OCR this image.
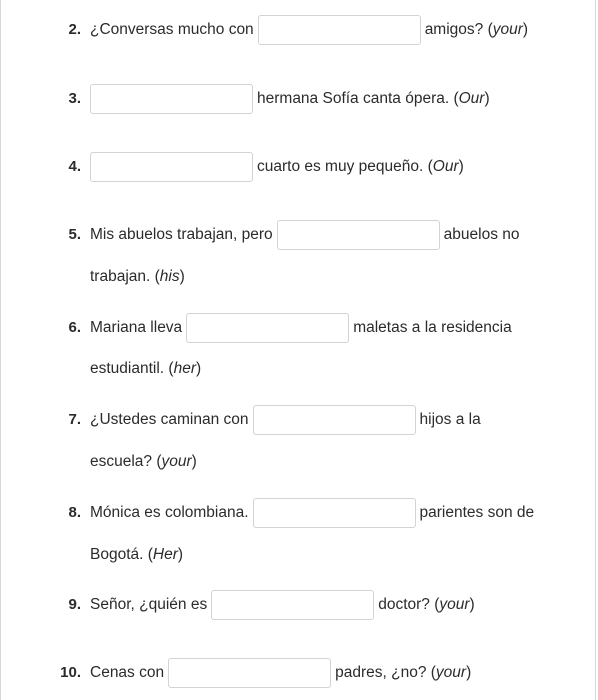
2. ¿Conversas mucho con	amigos? ( your )
3.	hermana Sofía canta ópera. ( Our )
4.	cuarto es muy pequeño. ( Our )
5. Mis abuelos trabajan, pero	abuelos no
trabajan. (his)
6. Mariana lleva	maletas a la residencia
estudiantil. (her)
7. ¿Ustedes caminan con	hijos a la
escuela? (your)
8. Mónica es colombiana.	parientes son de
Bogotá. (Her)
9. Señor, ¿quién es	doctor? ( your )
10. Cenas con	padres, ¿no? ( your )
